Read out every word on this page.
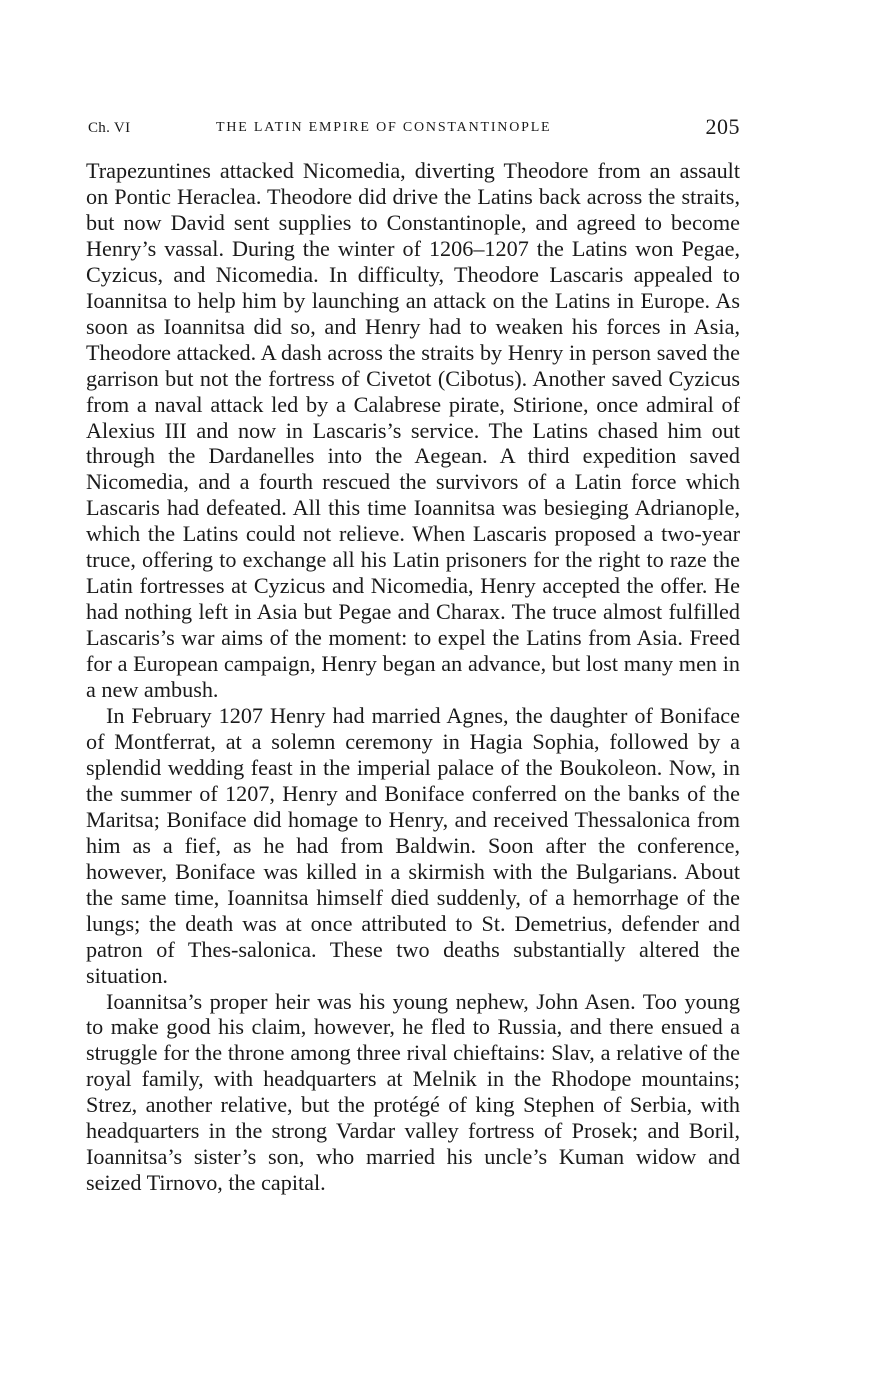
Ch. VI	THE LATIN EMPIRE OF CONSTANTINOPLE	205

Trapezuntines attacked Nicomedia, diverting Theodore from an assault on Pontic Heraclea. Theodore did drive the Latins back across the straits, but now David sent supplies to Constantinople, and agreed to become Henry’s vassal. During the winter of 1206–1207 the Latins won Pegae, Cyzicus, and Nicomedia. In difficulty, Theodore Lascaris appealed to Ioannitsa to help him by launching an attack on the Latins in Europe. As soon as Ioannitsa did so, and Henry had to weaken his forces in Asia, Theodore attacked. A dash across the straits by Henry in person saved the garrison but not the fortress of Civetot (Cibotus). Another saved Cyzicus from a naval attack led by a Calabrese pirate, Stirione, once admiral of Alexius III and now in Lascaris’s service. The Latins chased him out through the Dardanelles into the Aegean. A third expedition saved Nicomedia, and a fourth rescued the survivors of a Latin force which Lascaris had defeated. All this time Ioannitsa was besieging Adrianople, which the Latins could not relieve. When Lascaris proposed a two-year truce, offering to exchange all his Latin prisoners for the right to raze the Latin fortresses at Cyzicus and Nicomedia, Henry accepted the offer. He had nothing left in Asia but Pegae and Charax. The truce almost fulfilled Lascaris’s war aims of the moment: to expel the Latins from Asia. Freed for a European campaign, Henry began an advance, but lost many men in a new ambush.

In February 1207 Henry had married Agnes, the daughter of Boniface of Montferrat, at a solemn ceremony in Hagia Sophia, followed by a splendid wedding feast in the imperial palace of the Boukoleon. Now, in the summer of 1207, Henry and Boniface conferred on the banks of the Maritsa; Boniface did homage to Henry, and received Thessalonica from him as a fief, as he had from Baldwin. Soon after the conference, however, Boniface was killed in a skirmish with the Bulgarians. About the same time, Ioannitsa himself died suddenly, of a hemorrhage of the lungs; the death was at once attributed to St. Demetrius, defender and patron of Thes-salonica. These two deaths substantially altered the situation.

Ioannitsa’s proper heir was his young nephew, John Asen. Too young to make good his claim, however, he fled to Russia, and there ensued a struggle for the throne among three rival chieftains: Slav, a relative of the royal family, with headquarters at Melnik in the Rhodope mountains; Strez, another relative, but the protégé of king Stephen of Serbia, with headquarters in the strong Vardar valley fortress of Prosek; and Boril, Ioannitsa’s sister’s son, who married his uncle’s Kuman widow and seized Tirnovo, the capital.
